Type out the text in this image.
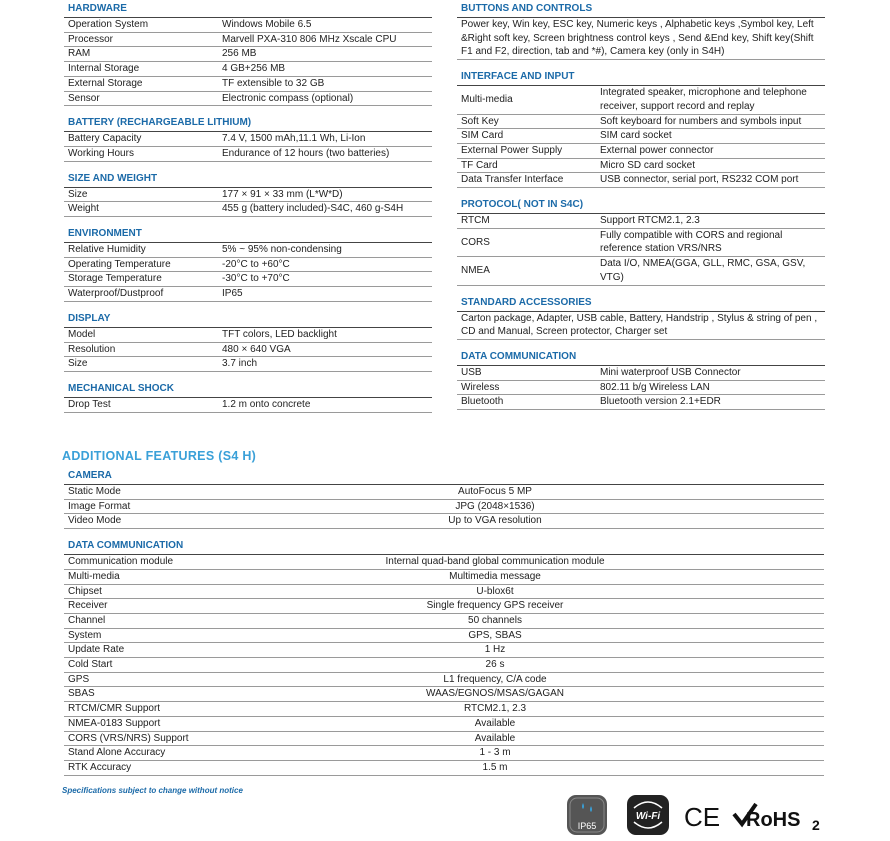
HARDWARE
Operation System	Windows Mobile 6.5
Processor	Marvell PXA-310 806 MHz Xscale CPU
RAM	256 MB
Internal Storage	4 GB+256 MB
External Storage	TF extensible to 32 GB
Sensor	Electronic compass (optional)
BATTERY (RECHARGEABLE LITHIUM)
Battery Capacity	7.4 V, 1500 mAh,11.1 Wh, Li-Ion
Working Hours	Endurance of 12 hours (two batteries)
SIZE AND WEIGHT
Size	177 × 91 × 33 mm (L*W*D)
Weight	455 g (battery included)-S4C, 460 g-S4H
ENVIRONMENT
Relative Humidity	5% ~ 95% non-condensing
Operating Temperature	-20°C to +60°C
Storage Temperature	-30°C to +70°C
Waterproof/Dustproof	IP65
DISPLAY
Model	TFT colors, LED backlight
Resolution	480 × 640 VGA
Size	3.7 inch
MECHANICAL SHOCK
Drop Test	1.2 m onto concrete
BUTTONS AND CONTROLS
Power key, Win key, ESC key, Numeric keys , Alphabetic keys ,Symbol key, Left &Right soft key, Screen brightness control keys , Send &End key, Shift key(Shift F1 and F2, direction, tab and *#), Camera key (only in S4H)
INTERFACE AND INPUT
Multi-media	Integrated speaker, microphone and telephone receiver, support record and replay
Soft Key	Soft keyboard for numbers and symbols input
SIM Card	SIM card socket
External Power Supply	External power connector
TF Card	Micro SD card socket
Data Transfer Interface	USB connector, serial port, RS232 COM port
PROTOCOL( NOT IN S4C)
RTCM	Support RTCM2.1, 2.3
CORS	Fully compatible with CORS and regional reference station VRS/NRS
NMEA	Data I/O, NMEA(GGA, GLL, RMC, GSA, GSV, VTG)
STANDARD ACCESSORIES
Carton package, Adapter, USB cable, Battery, Handstrip , Stylus & string of pen , CD and Manual, Screen protector, Charger set
DATA COMMUNICATION
USB	Mini waterproof USB Connector
Wireless	802.11 b/g Wireless LAN
Bluetooth	Bluetooth version 2.1+EDR
ADDITIONAL FEATURES (S4 H)
CAMERA
Static Mode	AutoFocus 5 MP
Image Format	JPG (2048×1536)
Video Mode	Up to VGA resolution
DATA COMMUNICATION
Communication module	Internal quad-band global communication module
Multi-media	Multimedia message
Chipset	U-blox6t
Receiver	Single frequency GPS receiver
Channel	50 channels
System	GPS, SBAS
Update Rate	1 Hz
Cold Start	26 s
GPS	L1 frequency, C/A code
SBAS	WAAS/EGNOS/MSAS/GAGAN
RTCM/CMR Support	RTCM2.1, 2.3
NMEA-0183 Support	Available
CORS (VRS/NRS) Support	Available
Stand Alone Accuracy	1 - 3 m
RTK Accuracy	1.5 m
Specifications subject to change without notice
IP65
Wi-Fi CE RoHS 2
